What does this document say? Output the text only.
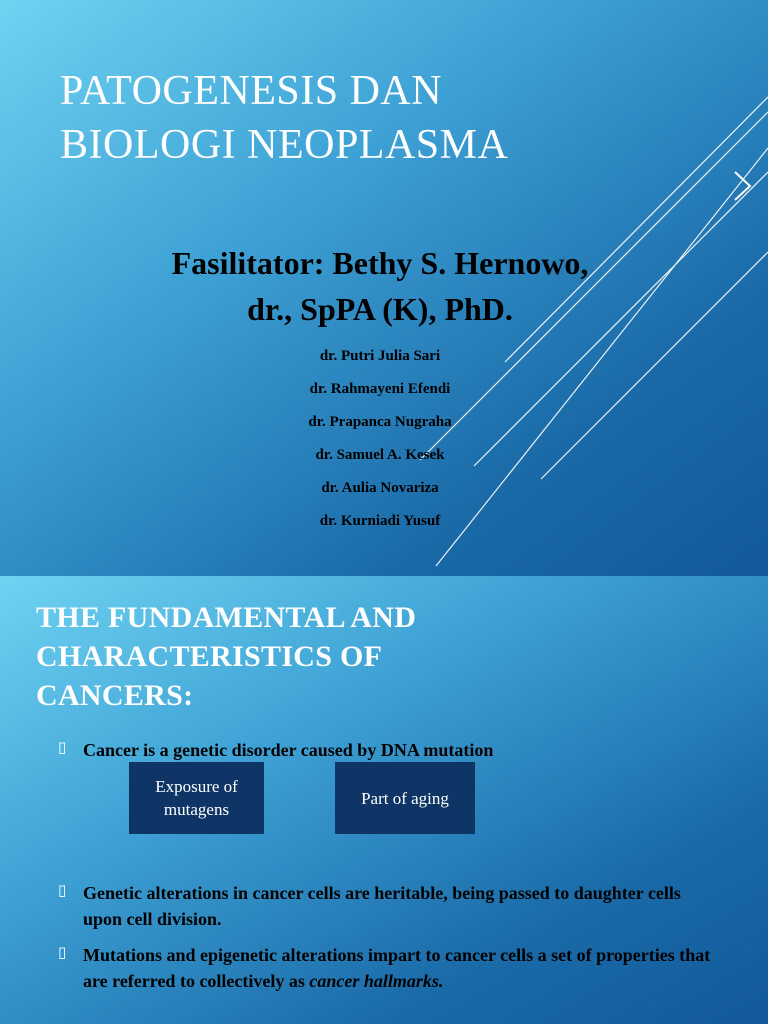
PATOGENESIS DAN
BIOLOGI NEOPLASMA
Fasilitator: Bethy S. Hernowo,
dr., SpPA (K), PhD.
dr. Putri Julia Sari
dr. Rahmayeni Efendi
dr. Prapanca Nugraha
dr. Samuel A. Kesek
dr. Aulia Novariza
dr. Kurniadi Yusuf
THE FUNDAMENTAL AND
CHARACTERISTICS OF
CANCERS:
▯ Cancer is a genetic disorder caused by DNA mutation
Exposure of
mutagens
Part of aging
▯ Genetic alterations in cancer cells are heritable, being passed to daughter cells upon cell division.
▯ Mutations and epigenetic alterations impart to cancer cells a set of properties that are referred to collectively as cancer hallmarks.
